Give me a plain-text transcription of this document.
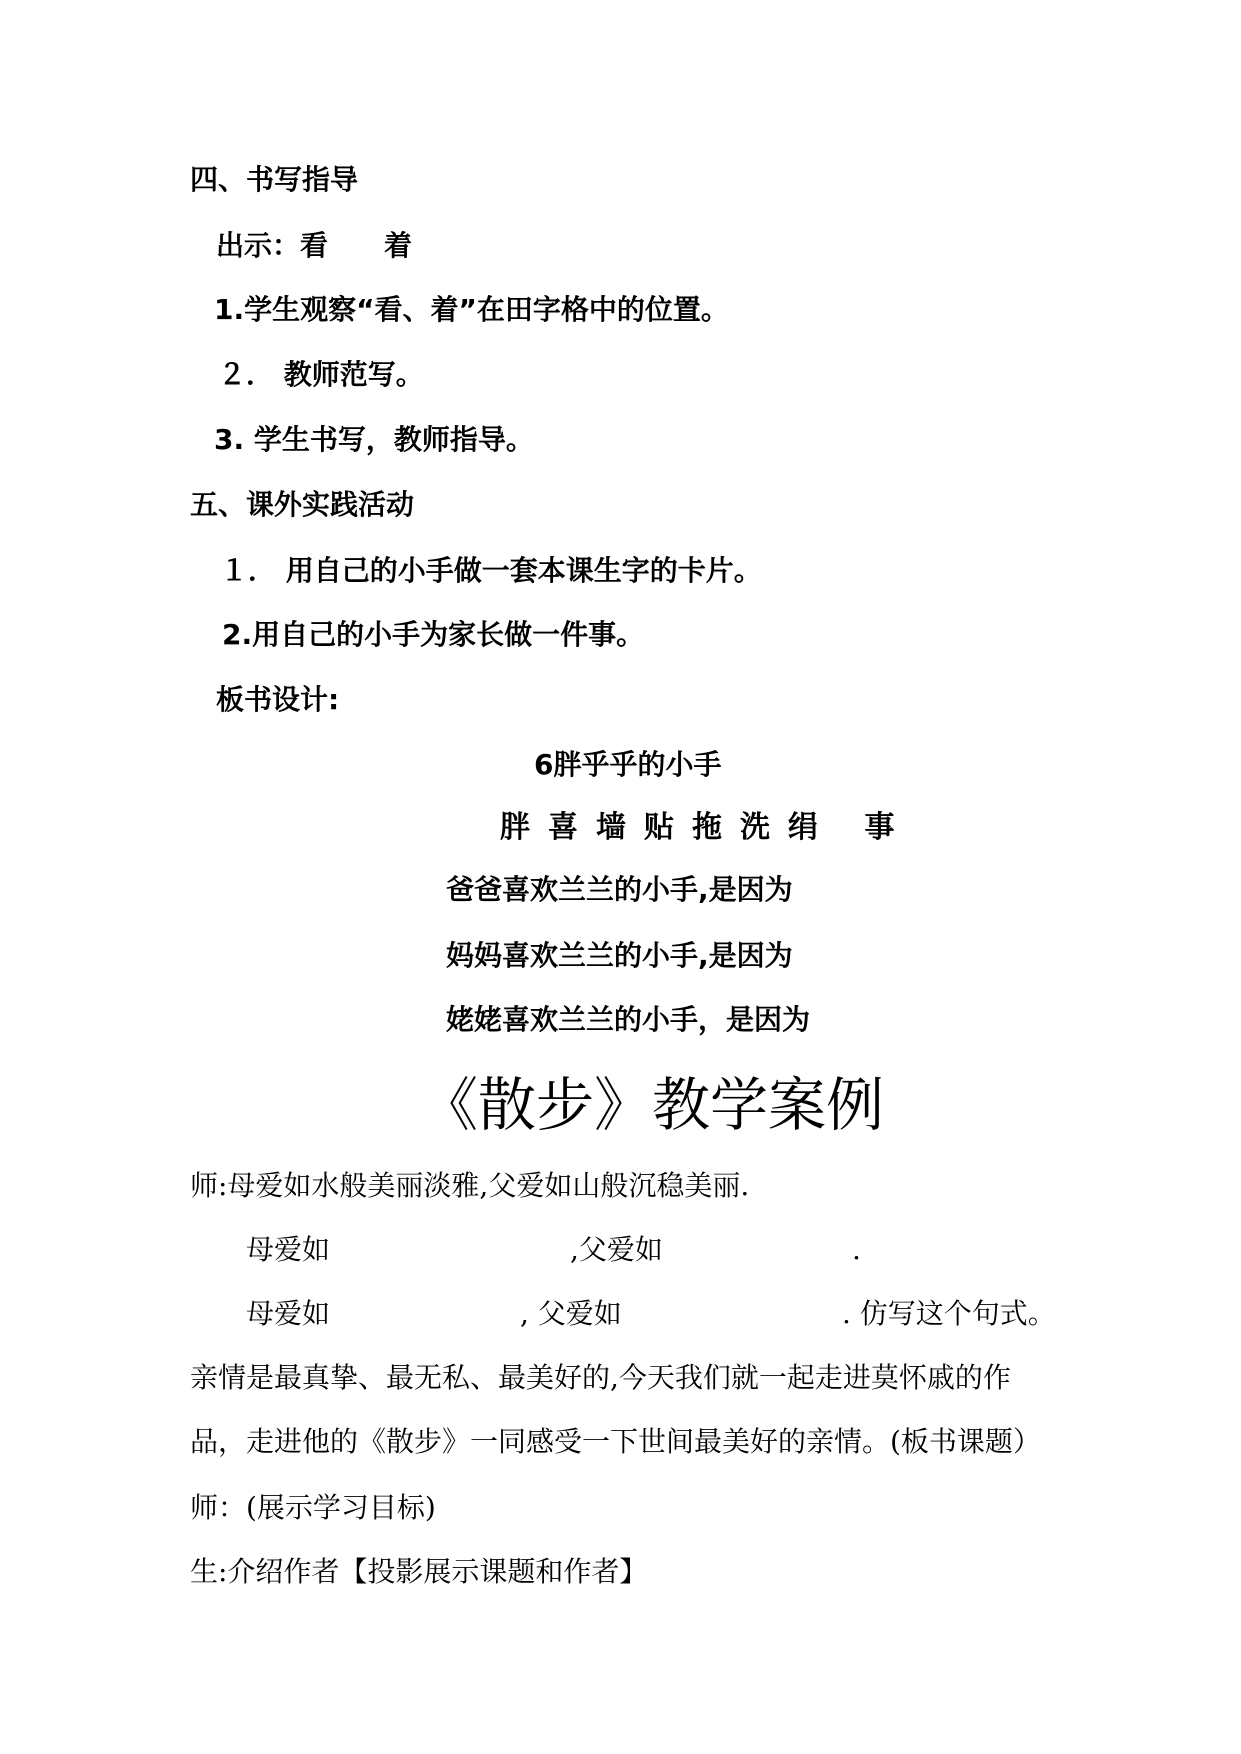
四、书写指导
出示：看　　着
1.学生观察“看、着”在田字格中的位置。
２． 教师范写。
3. 学生书写，教师指导。
五、课外实践活动
１． 用自己的小手做一套本课生字的卡片。
2.用自己的小手为家长做一件事。
板书设计:
6胖乎乎的小手
胖喜墙贴拖洗绢 事
爸爸喜欢兰兰的小手,是因为
妈妈喜欢兰兰的小手,是因为
姥姥喜欢兰兰的小手，是因为
《散步》教学案例
师:母爱如水般美丽淡雅,父爱如山般沉稳美丽.
母爱如	,父爱如	.
母爱如	, 父爱如	. 仿写这个句式。
亲情是最真挚、最无私、最美好的,今天我们就一起走进莫怀戚的作
品，走进他的《散步》一同感受一下世间最美好的亲情。(板书课题）
师：(展示学习目标)
生:介绍作者【投影展示课题和作者】
